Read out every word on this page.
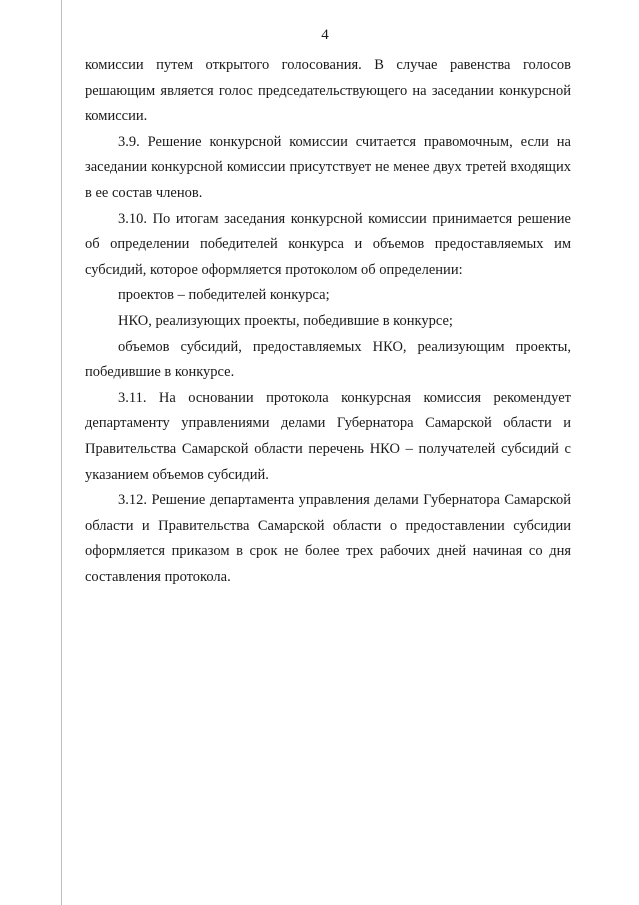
4

комиссии путем открытого голосования. В случае равенства голосов решающим является голос председательствующего на заседании конкурсной комиссии.

3.9. Решение конкурсной комиссии считается правомочным, если на заседании конкурсной комиссии присутствует не менее двух третей входящих в ее состав членов.

3.10. По итогам заседания конкурсной комиссии принимается решение об определении победителей конкурса и объемов предоставляемых им субсидий, которое оформляется протоколом об определении:

проектов – победителей конкурса;

НКО, реализующих проекты, победившие в конкурсе;

объемов субсидий, предоставляемых НКО, реализующим проекты, победившие в конкурсе.

3.11. На основании протокола конкурсная комиссия рекомендует департаменту управлениями делами Губернатора Самарской области и Правительства Самарской области перечень НКО – получателей субсидий с указанием объемов субсидий.

3.12. Решение департамента управления делами Губернатора Самарской области и Правительства Самарской области о предоставлении субсидии оформляется приказом в срок не более трех рабочих дней начиная со дня составления протокола.
